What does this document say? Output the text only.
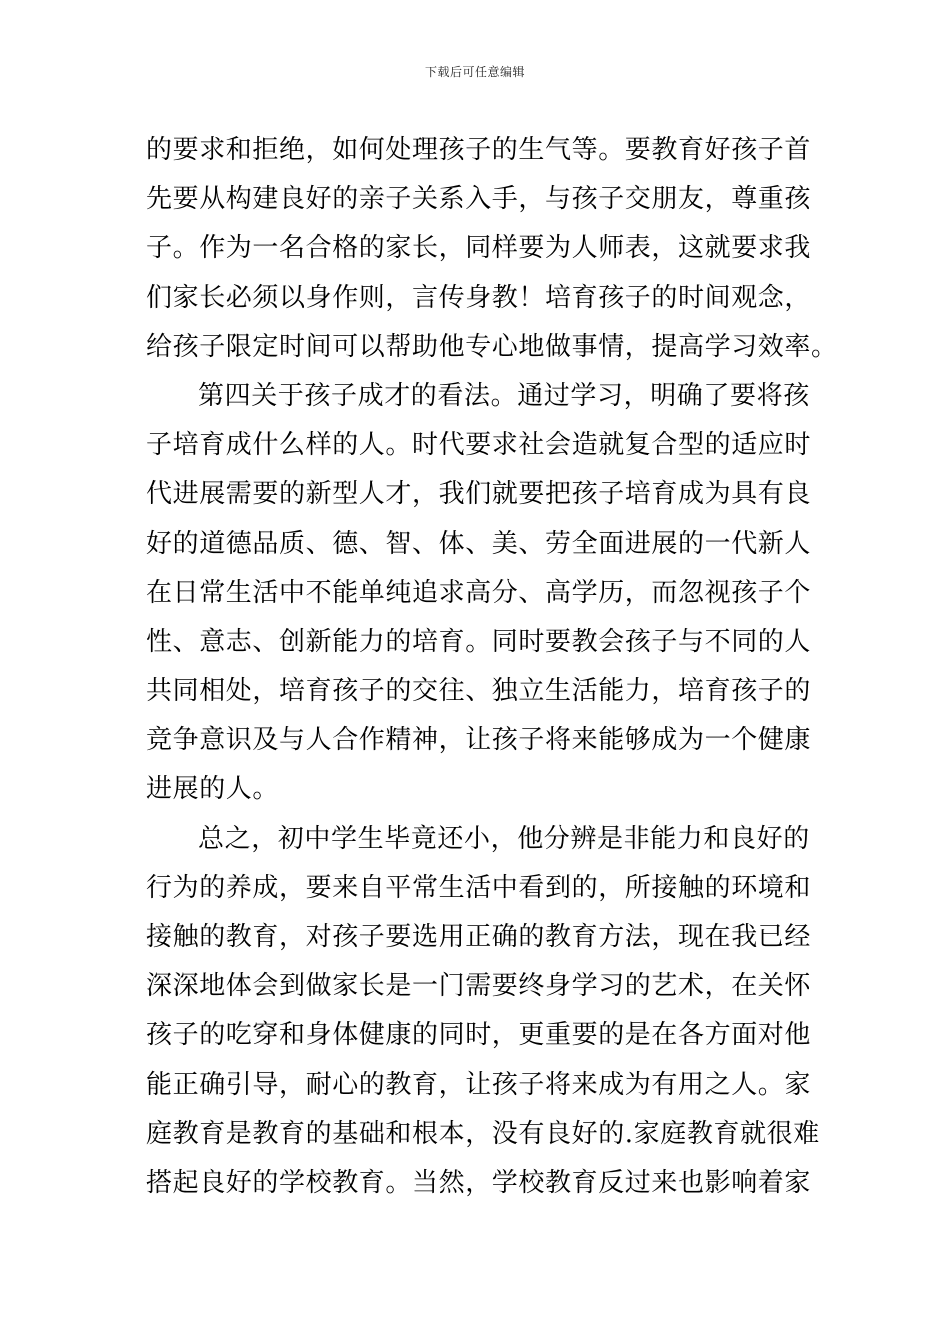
下载后可任意编辑
的要求和拒绝，如何处理孩子的生气等。要教育好孩子首
先要从构建良好的亲子关系入手，与孩子交朋友，尊重孩
子。作为一名合格的家长，同样要为人师表，这就要求我
们家长必须以身作则，言传身教！培育孩子的时间观念，
给孩子限定时间可以帮助他专心地做事情，提高学习效率。
第四关于孩子成才的看法。通过学习，明确了要将孩
子培育成什么样的人。时代要求社会造就复合型的适应时
代进展需要的新型人才，我们就要把孩子培育成为具有良
好的道德品质、德、智、体、美、劳全面进展的一代新人
在日常生活中不能单纯追求高分、高学历，而忽视孩子个
性、意志、创新能力的培育。同时要教会孩子与不同的人
共同相处，培育孩子的交往、独立生活能力，培育孩子的
竞争意识及与人合作精神，让孩子将来能够成为一个健康
进展的人。
总之，初中学生毕竟还小，他分辨是非能力和良好的
行为的养成，要来自平常生活中看到的，所接触的环境和
接触的教育，对孩子要选用正确的教育方法，现在我已经
深深地体会到做家长是一门需要终身学习的艺术，在关怀
孩子的吃穿和身体健康的同时，更重要的是在各方面对他
能正确引导，耐心的教育，让孩子将来成为有用之人。家
庭教育是教育的基础和根本，没有良好的.家庭教育就很难
搭起良好的学校教育。当然，学校教育反过来也影响着家
